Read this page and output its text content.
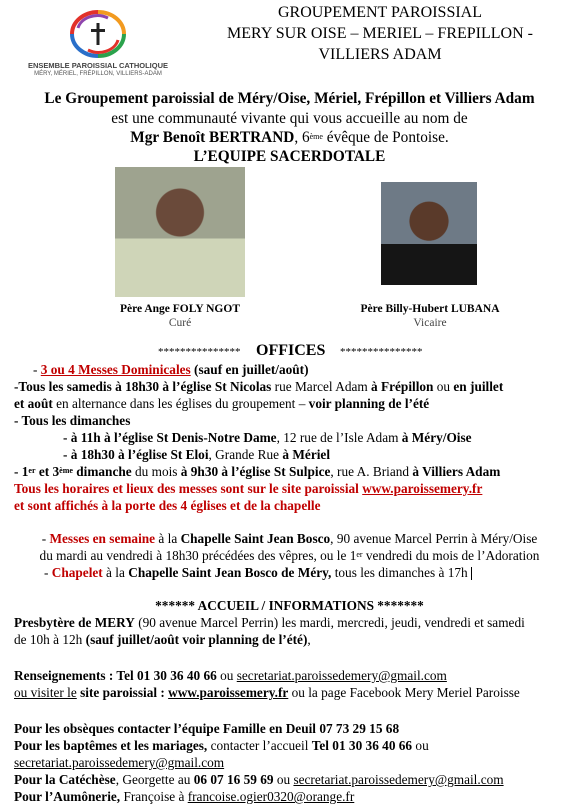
ENSEMBLE PAROISSIAL CATHOLIQUE
MÉRY, MÉRIEL, FRÉPILLON, VILLIERS-ADAM
GROUPEMENT PAROISSIAL
MERY SUR OISE – MERIEL – FREPILLON -
VILLIERS ADAM
Le Groupement paroissial de Méry/Oise, Mériel, Frépillon et Villiers Adam
est une communauté vivante qui vous accueille au nom de
Mgr Benoît BERTRAND, 6ème évêque de Pontoise.
L’EQUIPE SACERDOTALE
Père Ange FOLY NGOT
Curé
Père Billy-Hubert LUBANA
Vicaire
*************** OFFICES ***************
- 3 ou 4 Messes Dominicales (sauf en juillet/août)
-Tous les samedis à 18h30 à l’église St Nicolas rue Marcel Adam à Frépillon ou en juillet
et août en alternance dans les églises du groupement – voir planning de l’été
- Tous les dimanches
- à 11h à l’église St Denis-Notre Dame, 12 rue de l’Isle Adam à Méry/Oise
- à 18h30 à l’église St Eloi, Grande Rue à Mériel
- 1er et 3ème dimanche du mois à 9h30 à l’église St Sulpice, rue A. Briand à Villiers Adam
Tous les horaires et lieux des messes sont sur le site paroissial www.paroissemery.fr
et sont affichés à la porte des 4 églises et de la chapelle
- Messes en semaine à la Chapelle Saint Jean Bosco, 90 avenue Marcel Perrin à Méry/Oise
du mardi au vendredi à 18h30 précédées des vêpres, ou le 1er vendredi du mois de l’Adoration
- Chapelet à la Chapelle Saint Jean Bosco de Méry, tous les dimanches à 17h
****** ACCUEIL / INFORMATIONS *******
Presbytère de MERY (90 avenue Marcel Perrin) les mardi, mercredi, jeudi, vendredi et samedi
de 10h à 12h (sauf juillet/août voir planning de l’été),
Renseignements : Tel 01 30 36 40 66 ou secretariat.paroissedemery@gmail.com
ou visiter le site paroissial : www.paroissemery.fr ou la page Facebook Mery Meriel Paroisse
Pour les obsèques contacter l’équipe Famille en Deuil 07 73 29 15 68
Pour les baptêmes et les mariages, contacter l’accueil Tel 01 30 36 40 66 ou
secretariat.paroissedemery@gmail.com
Pour la Catéchèse, Georgette au 06 07 16 59 69 ou secretariat.paroissedemery@gmail.com
Pour l’Aumônerie, Françoise à francoise.ogier0320@orange.fr
